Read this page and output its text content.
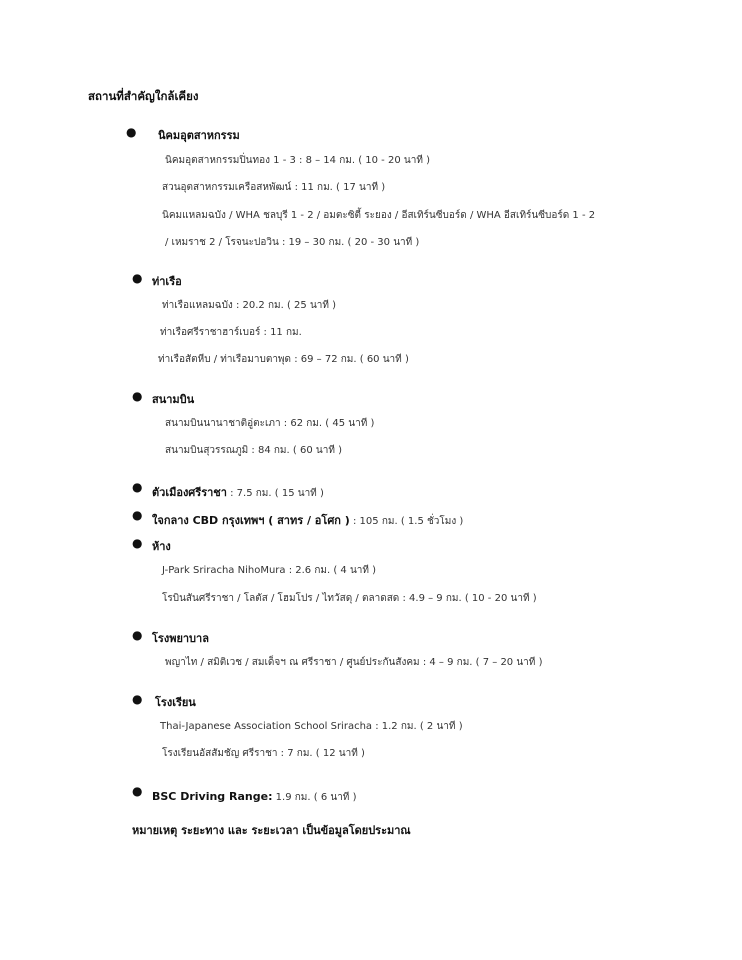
สถานที่สำคัญใกล้เคียง
● นิคมอุตสาหกรรม
นิคมอุตสาหกรรมปิ่นทอง 1 - 3 : 8 – 14 กม. ( 10 - 20 นาที )
สวนอุตสาหกรรมเครือสหพัฒน์ : 11 กม. ( 17 นาที )
นิคมแหลมฉบัง / WHA ชลบุรี 1 - 2 / อมตะซิตี้ ระยอง / อีสเทิร์นซีบอร์ด / WHA อีสเทิร์นซีบอร์ด 1 - 2
/ เหมราช 2 / โรจนะปอวิน : 19 – 30 กม. ( 20 - 30 นาที )
● ท่าเรือ
ท่าเรือแหลมฉบัง : 20.2 กม. ( 25 นาที )
ท่าเรือศรีราชาฮาร์เบอร์ : 11 กม.
ท่าเรือสัตหีบ / ท่าเรือมาบตาพุด : 69 – 72 กม. ( 60 นาที )
● สนามบิน
สนามบินนานาชาติอู่ตะเภา : 62 กม. ( 45 นาที )
สนามบินสุวรรณภูมิ : 84 กม. ( 60 นาที )
● ตัวเมืองศรีราชา : 7.5 กม. ( 15 นาที )
● ใจกลาง CBD กรุงเทพฯ ( สาทร / อโศก ) : 105 กม. ( 1.5 ชั่วโมง )
● ห้าง
J-Park Sriracha NihoMura : 2.6 กม. ( 4 นาที )
โรบินสันศรีราชา / โลตัส / โฮมโปร / ไทวัสดุ / ตลาดสด : 4.9 – 9 กม. ( 10 - 20 นาที )
● โรงพยาบาล
พญาไท / สมิติเวช / สมเด็จฯ ณ ศรีราชา / ศูนย์ประกันสังคม : 4 – 9 กม. ( 7 – 20 นาที )
● โรงเรียน
Thai-Japanese Association School Sriracha : 1.2 กม. ( 2 นาที )
โรงเรียนอัสสัมชัญ ศรีราชา : 7 กม. ( 12 นาที )
● BSC Driving Range: 1.9 กม. ( 6 นาที )
หมายเหตุ ระยะทาง และ ระยะเวลา เป็นข้อมูลโดยประมาณ
